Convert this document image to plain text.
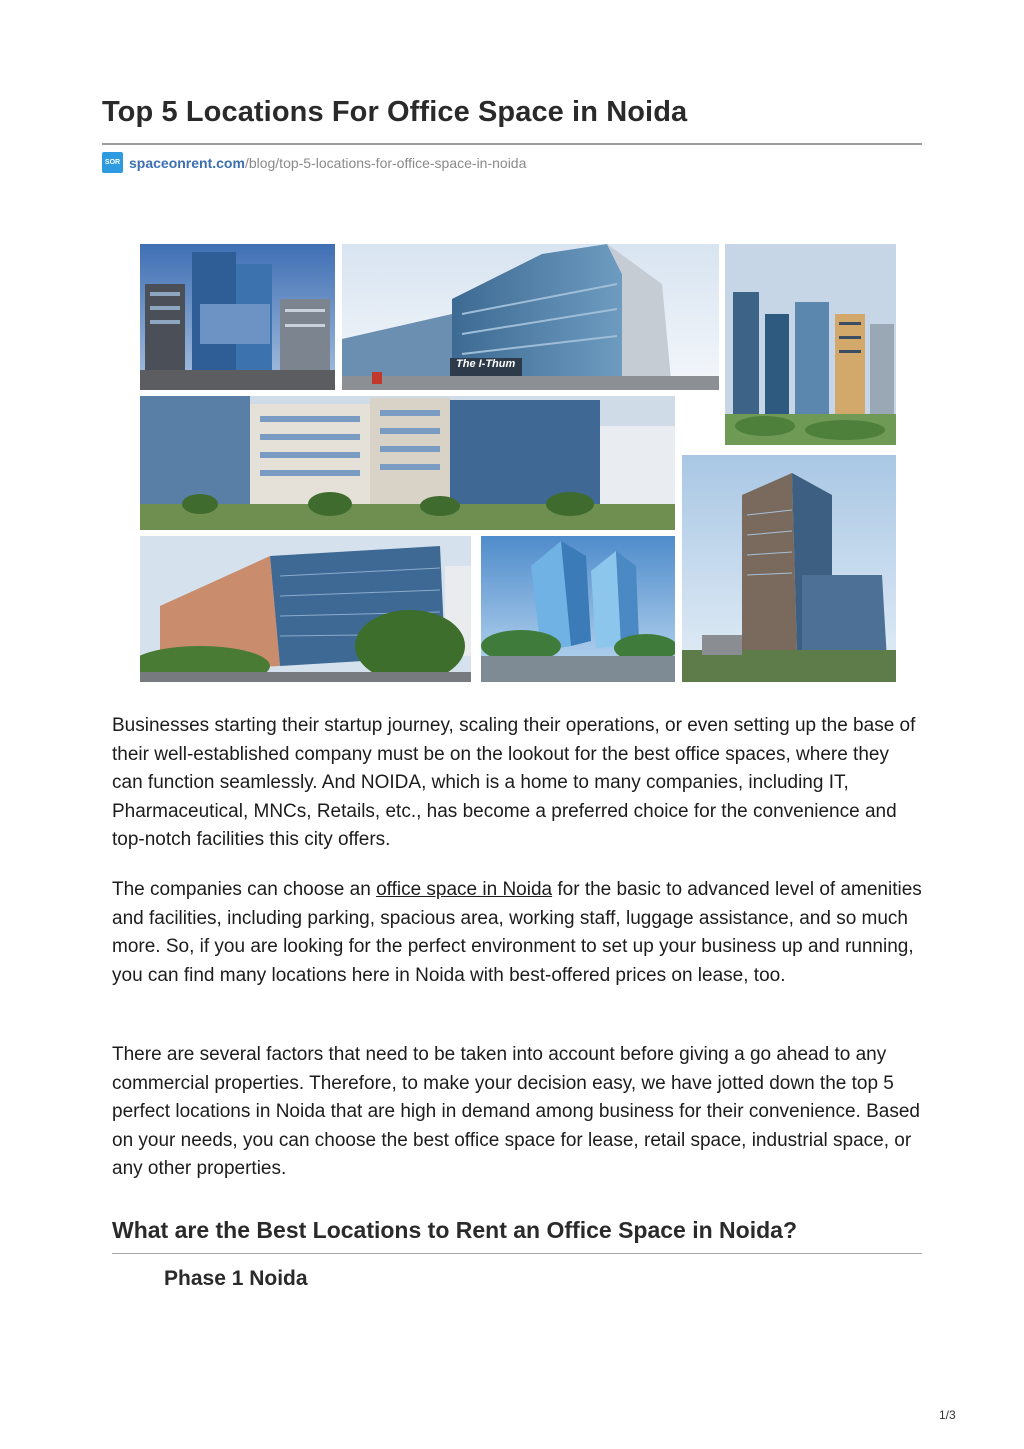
Top 5 Locations For Office Space in Noida
SOR spaceonrent.com /blog/top-5-locations-for-office-space-in-noida
The I-Thum

Businesses starting their startup journey, scaling their operations, or even setting up the base of their well-established company must be on the lookout for the best office spaces, where they can function seamlessly. And NOIDA, which is a home to many companies, including IT, Pharmaceutical, MNCs, Retails, etc., has become a preferred choice for the convenience and top-notch facilities this city offers.

The companies can choose an office space in Noida for the basic to advanced level of amenities and facilities, including parking, spacious area, working staff, luggage assistance, and so much more. So, if you are looking for the perfect environment to set up your business up and running, you can find many locations here in Noida with best-offered prices on lease, too.

There are several factors that need to be taken into account before giving a go ahead to any commercial properties. Therefore, to make your decision easy, we have jotted down the top 5 perfect locations in Noida that are high in demand among business for their convenience. Based on your needs, you can choose the best office space for lease, retail space, industrial space, or any other properties.

What are the Best Locations to Rent an Office Space in Noida?
Phase 1 Noida
1/3
